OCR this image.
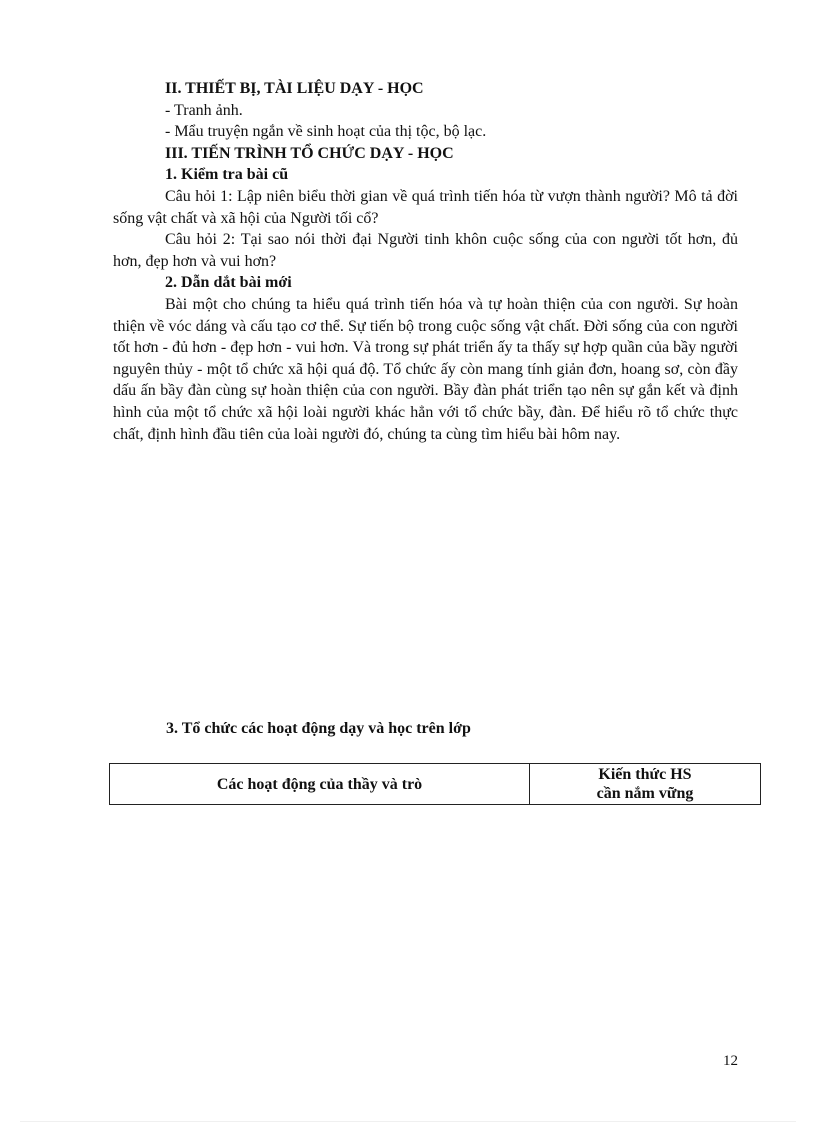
II. THIẾT BỊ, TÀI LIỆU DẠY - HỌC

- Tranh ảnh.

- Mẩu truyện ngắn về sinh hoạt của thị tộc, bộ lạc.

III. TIẾN TRÌNH TỔ CHỨC DẠY - HỌC

1. Kiểm tra bài cũ

Câu hỏi 1: Lập niên biểu thời gian về quá trình tiến hóa từ vượn thành người? Mô tả đời sống vật chất và xã hội của Người tối cổ?

Câu hỏi 2: Tại sao nói thời đại Người tinh khôn cuộc sống của con người tốt hơn, đủ hơn, đẹp hơn và vui hơn?

2. Dẫn dắt bài mới

Bài một cho chúng ta hiểu quá trình tiến hóa và tự hoàn thiện của con người. Sự hoàn thiện về vóc dáng và cấu tạo cơ thể. Sự tiến bộ trong cuộc sống vật chất. Đời sống của con người tốt hơn - đủ hơn - đẹp hơn - vui hơn. Và trong sự phát triển ấy ta thấy sự hợp quần của bầy người nguyên thủy - một tổ chức xã hội quá độ. Tổ chức ấy còn mang tính giản đơn, hoang sơ, còn đầy dấu ấn bầy đàn cùng sự hoàn thiện của con người. Bầy đàn phát triển tạo nên sự gắn kết và định hình của một tổ chức xã hội loài người khác hẳn với tổ chức bầy, đàn. Để hiểu rõ tổ chức thực chất, định hình đầu tiên của loài người đó, chúng ta cùng tìm hiểu bài hôm nay.

3. Tổ chức các hoạt động dạy và học trên lớp
Các hoạt động của thầy và trò	Kiến thức HS
cần nắm vững
12
